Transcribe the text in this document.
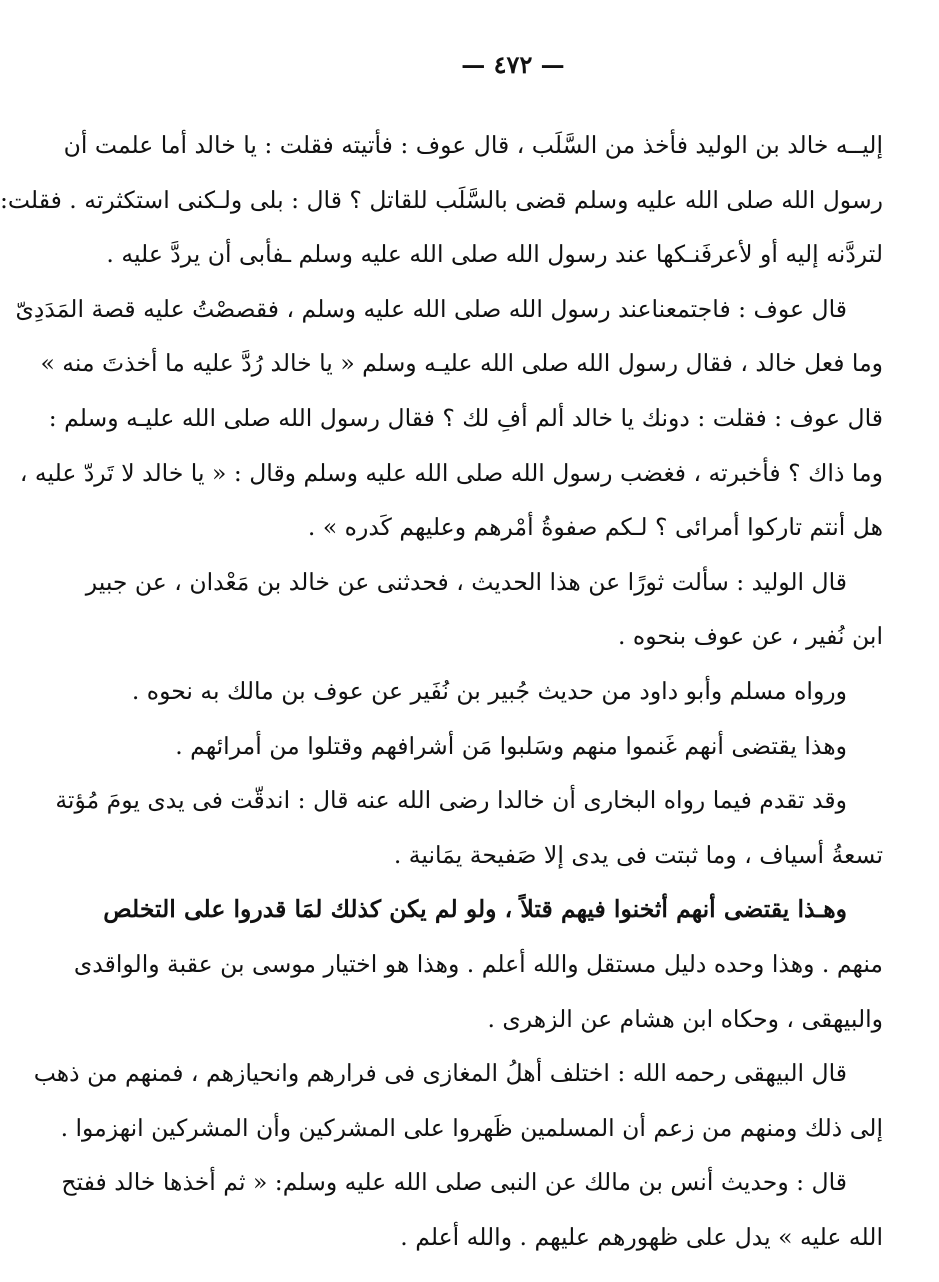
— ٤٧٢ —
إليــه خالد بن الوليد فأخذ من السَّلَب ، قال عوف : فأتيته فقلت : يا خالد أما علمت أن
رسول الله صلى الله عليه وسلم قضى بالسَّلَب للقاتل ؟ قال : بلى ولـكنى استكثرته . فقلت:
لتردَّنه إليه أو لأعرفَنـكها عند رسول الله صلى الله عليه وسلم ـفأبى أن يردَّ عليه .
قال عوف : فاجتمعناعند رسول الله صلى الله عليه وسلم ، فقصصْتُ عليه قصة المَدَدِىّ
وما فعل خالد ، فقال رسول الله صلى الله عليـه وسلم « يا خالد رُدَّ عليه ما أخذتَ منه »
قال عوف : فقلت : دونك يا خالد ألم أفِ لك ؟ فقال رسول الله صلى الله عليـه وسلم :
وما ذاك ؟ فأخبرته ، فغضب رسول الله صلى الله عليه وسلم وقال : « يا خالد لا تَردّ عليه ،
هل أنتم تاركوا أمرائى ؟ لـكم صفوةُ أمْرهم وعليهم كَدره » .
قال الوليد : سألت ثورًا عن هذا الحديث ، فحدثنى عن خالد بن مَعْدان ، عن جبير
ابن نُفير ، عن عوف بنحوه .
ورواه مسلم وأبو داود من حديث جُبير بن نُفَير عن عوف بن مالك به نحوه .
وهذا يقتضى أنهم غَنموا منهم وسَلبوا مَن أشرافهم وقتلوا من أمرائهم .
وقد تقدم فيما رواه البخارى أن خالدا رضى الله عنه قال : اندقّت فى يدى يومَ مُؤتة
تسعةُ أسياف ، وما ثبتت فى يدى إلا صَفيحة يمَانية .
وهـذا يقتضى أنهم أثخنوا فيهم قتلاً ، ولو لم يكن كذلك لمَا قدروا على التخلص
منهم . وهذا وحده دليل مستقل والله أعلم . وهذا هو اختيار موسى بن عقبة والواقدى
والبيهقى ، وحكاه ابن هشام عن الزهرى .
قال البيهقى رحمه الله : اختلف أهلُ المغازى فى فرارهم وانحيازهم ، فمنهم من ذهب
إلى ذلك ومنهم من زعم أن المسلمين ظَهروا على المشركين وأن المشركين انهزموا .
قال : وحديث أنس بن مالك عن النبى صلى الله عليه وسلم: « ثم أخذها خالد ففتح
الله عليه » يدل على ظهورهم عليهم . والله أعلم .
